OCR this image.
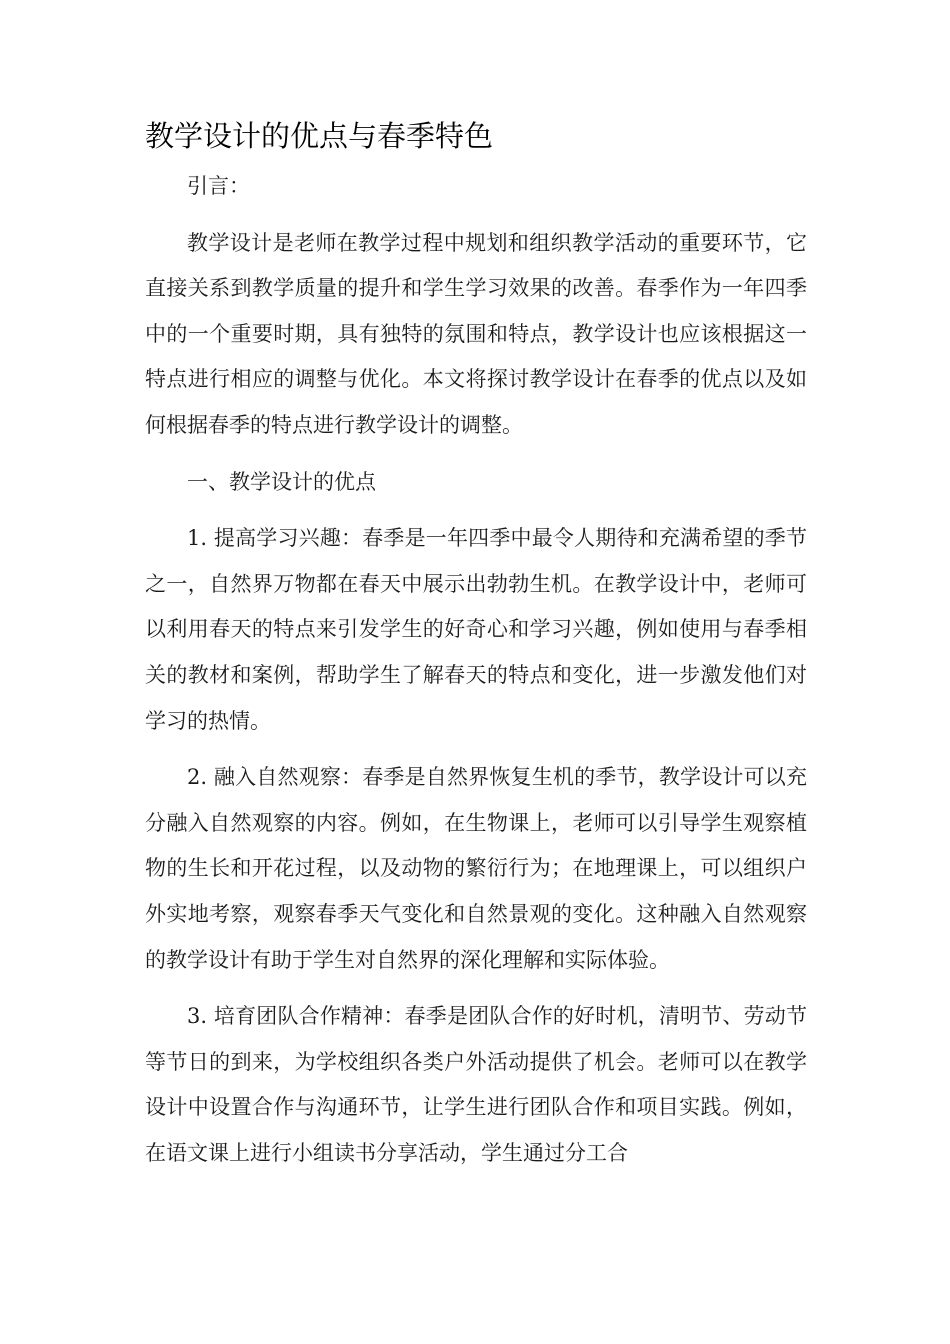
教学设计的优点与春季特色

引言：

教学设计是老师在教学过程中规划和组织教学活动的重要环节，它直接关系到教学质量的提升和学生学习效果的改善。春季作为一年四季中的一个重要时期，具有独特的氛围和特点，教学设计也应该根据这一特点进行相应的调整与优化。本文将探讨教学设计在春季的优点以及如何根据春季的特点进行教学设计的调整。

一、教学设计的优点

1. 提高学习兴趣：春季是一年四季中最令人期待和充满希望的季节之一，自然界万物都在春天中展示出勃勃生机。在教学设计中，老师可以利用春天的特点来引发学生的好奇心和学习兴趣，例如使用与春季相关的教材和案例，帮助学生了解春天的特点和变化，进一步激发他们对学习的热情。

2. 融入自然观察：春季是自然界恢复生机的季节，教学设计可以充分融入自然观察的内容。例如，在生物课上，老师可以引导学生观察植物的生长和开花过程，以及动物的繁衍行为；在地理课上，可以组织户外实地考察，观察春季天气变化和自然景观的变化。这种融入自然观察的教学设计有助于学生对自然界的深化理解和实际体验。

3. 培育团队合作精神：春季是团队合作的好时机，清明节、劳动节等节日的到来，为学校组织各类户外活动提供了机会。老师可以在教学设计中设置合作与沟通环节，让学生进行团队合作和项目实践。例如，在语文课上进行小组读书分享活动，学生通过分工合
